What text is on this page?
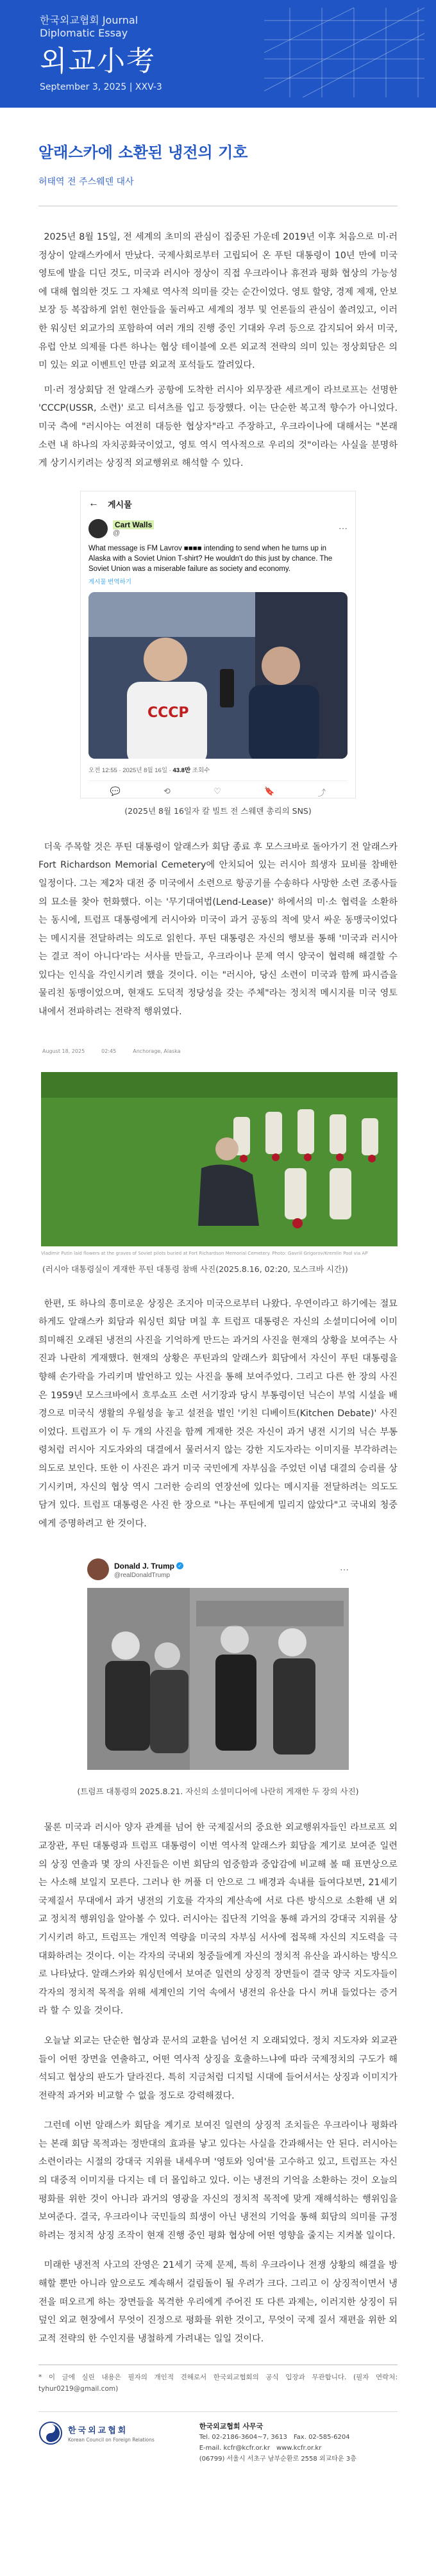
한국외교협회 Journal
Diplomatic Essay
외교小考
September 3, 2025 | XXV-3
알래스카에 소환된 냉전의 기호
허태역 전 주스웨덴 대사

2025년 8월 15일, 전 세계의 초미의 관심이 집중된 가운데 2019년 이후 처음으로 미·러 정상이 알래스카에서 만났다. 국제사회로부터 고립되어 온 푸틴 대통령이 10년 만에 미국 영토에 발을 디딘 것도, 미국과 러시아 정상이 직접 우크라이나 휴전과 평화 협상의 가능성에 대해 협의한 것도 그 자체로 역사적 의미를 갖는 순간이었다. 영토 할양, 경제 제재, 안보 보장 등 복잡하게 얽힌 현안들을 둘러싸고 세계의 정부 및 언론들의 관심이 쏠려있고, 이러한 워싱턴 외교가의 포함하여 여러 개의 진행 중인 기대와 우려 등으로 감지되어 와서 미국, 유럽 안보 의제를 다른 하나는 협상 테이블에 오른 외교적 전략의 의미 있는 정상회담은 의미 있는 외교 이벤트인 만큼 외교적 포석들도 깔려있다.

미·러 정상회담 전 알래스카 공항에 도착한 러시아 외무장관 세르게이 라브로프는 선명한 'CCCP(USSR, 소련)' 로고 티셔츠를 입고 등장했다. 이는 단순한 복고적 향수가 아니었다. 미국 측에 "러시아는 여전히 대등한 협상자"라고 주장하고, 우크라이나에 대해서는 "본래 소련 내 하나의 자치공화국이었고, 영토 역시 역사적으로 우리의 것"이라는 사실을 분명하게 상기시키려는 상징적 외교행위로 해석할 수 있다.

← 게시물
Cart Walls
@	⋯
What message is FM Lavrov ■■■■ intending to send when he turns up in Alaska with a Soviet Union T-shirt? He wouldn't do this just by chance. The Soviet Union was a miserable failure as society and economy.
게시물 번역하기
СССР
오전 12:55 · 2025년 8월 16일 · 43.8만 조회수
💬	⟲	♡	🔖	⤴
(2025년 8월 16일자 칼 빌트 전 스웨덴 총리의 SNS)

더욱 주목할 것은 푸틴 대통령이 알래스카 회담 종료 후 모스크바로 돌아가기 전 알래스카 Fort Richardson Memorial Cemetery에 안치되어 있는 러시아 희생자 묘비를 참배한 일정이다. 그는 제2차 대전 중 미국에서 소련으로 항공기를 수송하다 사망한 소련 조종사들의 묘소를 찾아 헌화했다. 이는 '무기대여법(Lend-Lease)' 하에서의 미·소 협력을 소환하는 동시에, 트럼프 대통령에게 러시아와 미국이 과거 공동의 적에 맞서 싸운 동맹국이었다는 메시지를 전달하려는 의도로 읽힌다. 푸틴 대통령은 자신의 행보를 통해 '미국과 러시아는 결코 적이 아니다'라는 서사를 만들고, 우크라이나 문제 역시 양국이 협력해 해결할 수 있다는 인식을 각인시키려 했을 것이다. 이는 "러시아, 당신 소련이 미국과 함께 파시즘을 물리친 동맹이었으며, 현재도 도덕적 정당성을 갖는 주체"라는 정치적 메시지를 미국 영토 내에서 전파하려는 전략적 행위였다.

August 18, 2025	02:45	Anchorage, Alaska
Vladimir Putin laid flowers at the graves of Soviet pilots buried at Fort Richardson Memorial Cemetery. Photo: Gavriil Grigorov/Kremlin Pool via AP
(러시아 대통령실이 게재한 푸틴 대통령 참배 사진(2025.8.16, 02:20, 모스크바 시간))

한편, 또 하나의 흥미로운 상징은 조지아 미국으로부터 나왔다. 우연이라고 하기에는 절묘하게도 알래스카 회담과 워싱턴 회담 며칠 후 트럼프 대통령은 자신의 소셜미디어에 이미 희미해진 오래된 냉전의 사진을 기억하게 만드는 과거의 사진을 현재의 상황을 보여주는 사진과 나란히 게재했다. 현재의 상황은 푸틴과의 알래스카 회담에서 자신이 푸틴 대통령을 향해 손가락을 가리키며 발언하고 있는 사진을 통해 보여주었다. 그리고 다른 한 장의 사진은 1959년 모스크바에서 흐루쇼프 소련 서기장과 당시 부통령이던 닉슨이 부엌 시설을 배경으로 미국식 생활의 우월성을 놓고 설전을 벌인 '키친 디베이트(Kitchen Debate)' 사진이었다. 트럼프가 이 두 개의 사진을 함께 게재한 것은 자신이 과거 냉전 시기의 닉슨 부통령처럼 러시아 지도자와의 대결에서 물러서지 않는 강한 지도자라는 이미지를 부각하려는 의도로 보인다. 또한 이 사진은 과거 미국 국민에게 자부심을 주었던 이념 대결의 승리를 상기시키며, 자신의 협상 역시 그러한 승리의 연장선에 있다는 메시지를 전달하려는 의도도 담겨 있다. 트럼프 대통령은 사진 한 장으로 "나는 푸틴에게 밀리지 않았다"고 국내외 청중에게 증명하려고 한 것이다.

Donald J. Trump ✓
@realDonaldTrump
⋯
(트럼프 대통령의 2025.8.21. 자신의 소셜미디어에 나란히 게재한 두 장의 사진)

물론 미국과 러시아 양자 관계를 넘어 한 국제질서의 중요한 외교행위자들인 라브로프 외교장관, 푸틴 대통령과 트럼프 대통령이 이번 역사적 알래스카 회담을 계기로 보여준 일련의 상징 연출과 몇 장의 사진들은 이번 회담의 엄중함과 중압감에 비교해 볼 때 표면상으로는 사소해 보일지 모른다. 그러나 한 꺼풀 더 안으로 그 배경과 속내를 들여다보면, 21세기 국제질서 무대에서 과거 냉전의 기호를 각자의 계산속에 서로 다른 방식으로 소환해 낸 외교 정치적 행위임을 알아볼 수 있다. 러시아는 집단적 기억을 통해 과거의 강대국 지위를 상기시키려 하고, 트럼프는 개인적 역량을 미국의 자부심 서사에 접목해 자신의 지도력을 극대화하려는 것이다. 이는 각자의 국내외 청중들에게 자신의 정치적 유산을 과시하는 방식으로 나타났다. 알래스카와 워싱턴에서 보여준 일련의 상징적 장면들이 결국 양국 지도자들이 각자의 정치적 목적을 위해 세계인의 기억 속에서 냉전의 유산을 다시 꺼내 들었다는 증거라 할 수 있을 것이다.

오늘날 외교는 단순한 협상과 문서의 교환을 넘어선 지 오래되었다. 정치 지도자와 외교관들이 어떤 장면을 연출하고, 어떤 역사적 상징을 호출하느냐에 따라 국제정치의 구도가 해석되고 협상의 판도가 달라진다. 특히 지금처럼 디지털 시대에 들어서서는 상징과 이미지가 전략적 과거와 비교할 수 없을 정도로 강력해졌다.

그런데 이번 알래스카 회담을 계기로 보여진 일련의 상징적 조치들은 우크라이나 평화라는 본래 회담 목적과는 정반대의 효과를 낳고 있다는 사실을 간과해서는 안 된다. 러시아는 소련이라는 시절의 강대국 지위를 내세우며 '영토와 잉여'를 고수하고 있고, 트럼프는 자신의 대중적 이미지를 다지는 데 더 몰입하고 있다. 이는 냉전의 기억을 소환하는 것이 오늘의 평화를 위한 것이 아니라 과거의 영광을 자신의 정치적 목적에 맞게 재해석하는 행위임을 보여준다. 결국, 우크라이나 국민들의 희생이 아닌 냉전의 기억을 통해 회담의 의미를 규정하려는 정치적 상징 조작이 현재 진행 중인 평화 협상에 어떤 영향을 줄지는 지켜볼 일이다.

미래한 냉전적 사고의 잔영은 21세기 국제 문제, 특히 우크라이나 전쟁 상황의 해결을 방해할 뿐만 아니라 앞으로도 계속해서 걸림돌이 될 우려가 크다. 그리고 이 상징적이면서 냉전을 떠오르게 하는 장면들을 목격한 우리에게 주어진 또 다른 과제는, 이러지한 상징이 뒤덮인 외교 현장에서 무엇이 진정으로 평화를 위한 것이고, 무엇이 국제 질서 재편을 위한 외교적 전략의 한 수인지를 냉철하게 가려내는 일일 것이다.

* 이 글에 실린 내용은 필자의 개인적 견해로서 한국외교협회의 공식 입장과 무관합니다. (필자 연락처: tyhur0219@gmail.com)
한국외교협회
Korean Council on Foreign Relations
한국외교협회 사무국
Tel. 02-2186-3604~7, 3613 Fax. 02-585-6204
E-mail. kcfr@kcfr.or.kr www.kcfr.or.kr
(06799) 서울시 서초구 남부순환로 2558 외교타운 3층
